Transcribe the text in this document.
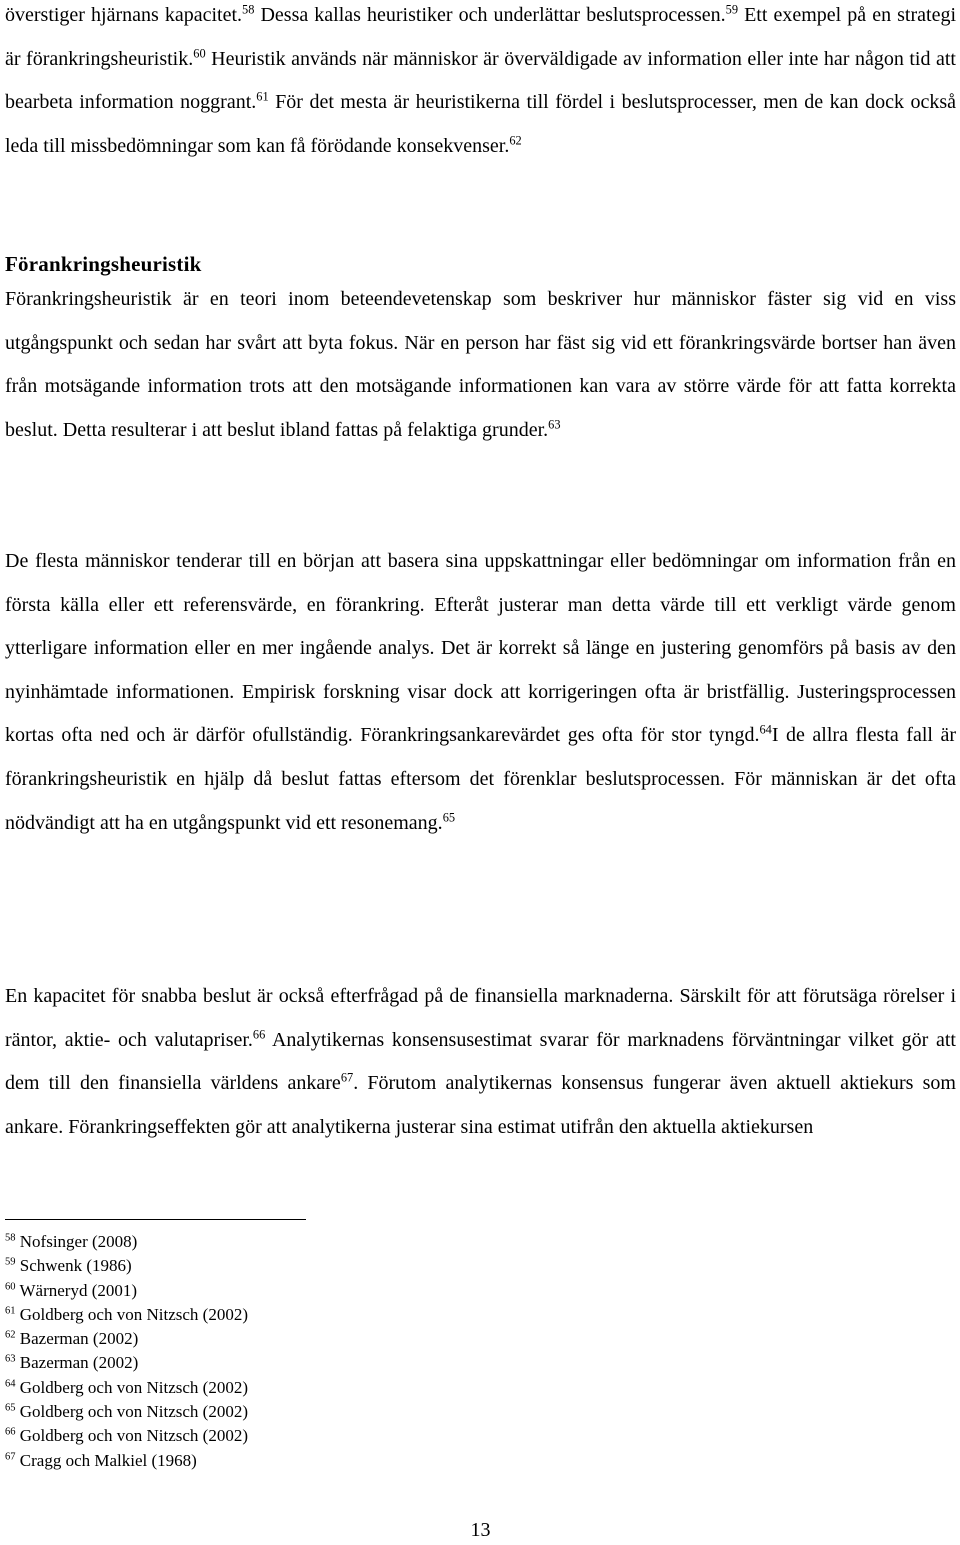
överstiger hjärnans kapacitet.$^{58}$ Dessa kallas heuristiker och underlättar beslutsprocessen.$^{59}$ Ett exempel på en strategi är förankringsheuristik.$^{60}$ Heuristik används när människor är överväldigade av information eller inte har någon tid att bearbeta information noggrant.$^{61}$ För det mesta är heuristikerna till fördel i beslutsprocesser, men de kan dock också leda till missbedömningar som kan få förödande konsekvenser.$^{62}$

Förankringsheuristik

Förankringsheuristik är en teori inom beteendevetenskap som beskriver hur människor fäster sig vid en viss utgångspunkt och sedan har svårt att byta fokus. När en person har fäst sig vid ett förankringsvärde bortser han även från motsägande information trots att den motsägande informationen kan vara av större värde för att fatta korrekta beslut. Detta resulterar i att beslut ibland fattas på felaktiga grunder.$^{63}$

De flesta människor tenderar till en början att basera sina uppskattningar eller bedömningar om information från en första källa eller ett referensvärde, en förankring. Efteråt justerar man detta värde till ett verkligt värde genom ytterligare information eller en mer ingående analys. Det är korrekt så länge en justering genomförs på basis av den nyinhämtade informationen. Empirisk forskning visar dock att korrigeringen ofta är bristfällig. Justeringsprocessen kortas ofta ned och är därför ofullständig. Förankringsankarevärdet ges ofta för stor tyngd.$^{64}$I de allra flesta fall är förankringsheuristik en hjälp då beslut fattas eftersom det förenklar beslutsprocessen. För människan är det ofta nödvändigt att ha en utgångspunkt vid ett resonemang.$^{65}$

En kapacitet för snabba beslut är också efterfrågad på de finansiella marknaderna. Särskilt för att förutsäga rörelser i räntor, aktie- och valutapriser.$^{66}$ Analytikernas konsensusestimat svarar för marknadens förväntningar vilket gör att dem till den finansiella världens ankare$^{67}$. Förutom analytikernas konsensus fungerar även aktuell aktiekurs som ankare. Förankringseffekten gör att analytikerna justerar sina estimat utifrån den aktuella aktiekursen

$^{58}$ Nofsinger (2008)
$^{59}$ Schwenk (1986)
$^{60}$ Wärneryd (2001)
$^{61}$ Goldberg och von Nitzsch (2002)
$^{62}$ Bazerman (2002)
$^{63}$ Bazerman (2002)
$^{64}$ Goldberg och von Nitzsch (2002)
$^{65}$ Goldberg och von Nitzsch (2002)
$^{66}$ Goldberg och von Nitzsch (2002)
$^{67}$ Cragg och Malkiel (1968)

13
